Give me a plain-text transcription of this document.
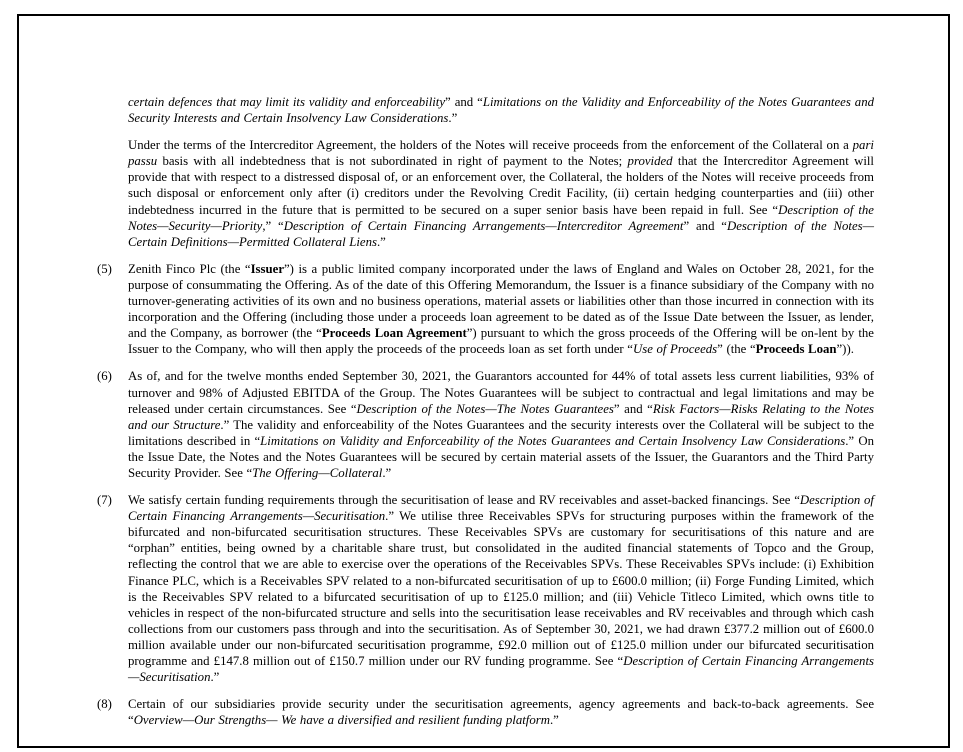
certain defences that may limit its validity and enforceability” and “Limitations on the Validity and Enforceability of the Notes Guarantees and Security Interests and Certain Insolvency Law Considerations.”
Under the terms of the Intercreditor Agreement, the holders of the Notes will receive proceeds from the enforcement of the Collateral on a pari passu basis with all indebtedness that is not subordinated in right of payment to the Notes; provided that the Intercreditor Agreement will provide that with respect to a distressed disposal of, or an enforcement over, the Collateral, the holders of the Notes will receive proceeds from such disposal or enforcement only after (i) creditors under the Revolving Credit Facility, (ii) certain hedging counterparties and (iii) other indebtedness incurred in the future that is permitted to be secured on a super senior basis have been repaid in full. See “Description of the Notes—Security—Priority,” “Description of Certain Financing Arrangements—Intercreditor Agreement” and “Description of the Notes—Certain Definitions—Permitted Collateral Liens.”
(5) Zenith Finco Plc (the “Issuer”) is a public limited company incorporated under the laws of England and Wales on October 28, 2021, for the purpose of consummating the Offering. As of the date of this Offering Memorandum, the Issuer is a finance subsidiary of the Company with no turnover-generating activities of its own and no business operations, material assets or liabilities other than those incurred in connection with its incorporation and the Offering (including those under a proceeds loan agreement to be dated as of the Issue Date between the Issuer, as lender, and the Company, as borrower (the “Proceeds Loan Agreement”) pursuant to which the gross proceeds of the Offering will be on-lent by the Issuer to the Company, who will then apply the proceeds of the proceeds loan as set forth under “Use of Proceeds” (the “Proceeds Loan”)).
(6) As of, and for the twelve months ended September 30, 2021, the Guarantors accounted for 44% of total assets less current liabilities, 93% of turnover and 98% of Adjusted EBITDA of the Group. The Notes Guarantees will be subject to contractual and legal limitations and may be released under certain circumstances. See “Description of the Notes—The Notes Guarantees” and “Risk Factors—Risks Relating to the Notes and our Structure.” The validity and enforceability of the Notes Guarantees and the security interests over the Collateral will be subject to the limitations described in “Limitations on Validity and Enforceability of the Notes Guarantees and Certain Insolvency Law Considerations.” On the Issue Date, the Notes and the Notes Guarantees will be secured by certain material assets of the Issuer, the Guarantors and the Third Party Security Provider. See “The Offering—Collateral.”
(7) We satisfy certain funding requirements through the securitisation of lease and RV receivables and asset-backed financings. See “Description of Certain Financing Arrangements—Securitisation.” We utilise three Receivables SPVs for structuring purposes within the framework of the bifurcated and non-bifurcated securitisation structures. These Receivables SPVs are customary for securitisations of this nature and are “orphan” entities, being owned by a charitable share trust, but consolidated in the audited financial statements of Topco and the Group, reflecting the control that we are able to exercise over the operations of the Receivables SPVs. These Receivables SPVs include: (i) Exhibition Finance PLC, which is a Receivables SPV related to a non-bifurcated securitisation of up to £600.0 million; (ii) Forge Funding Limited, which is the Receivables SPV related to a bifurcated securitisation of up to £125.0 million; and (iii) Vehicle Titleco Limited, which owns title to vehicles in respect of the non-bifurcated structure and sells into the securitisation lease receivables and RV receivables and through which cash collections from our customers pass through and into the securitisation. As of September 30, 2021, we had drawn £377.2 million out of £600.0 million available under our non-bifurcated securitisation programme, £92.0 million out of £125.0 million under our bifurcated securitisation programme and £147.8 million out of £150.7 million under our RV funding programme. See “Description of Certain Financing Arrangements—Securitisation.”
(8) Certain of our subsidiaries provide security under the securitisation agreements, agency agreements and back-to-back agreements. See “Overview—Our Strengths— We have a diversified and resilient funding platform.”
